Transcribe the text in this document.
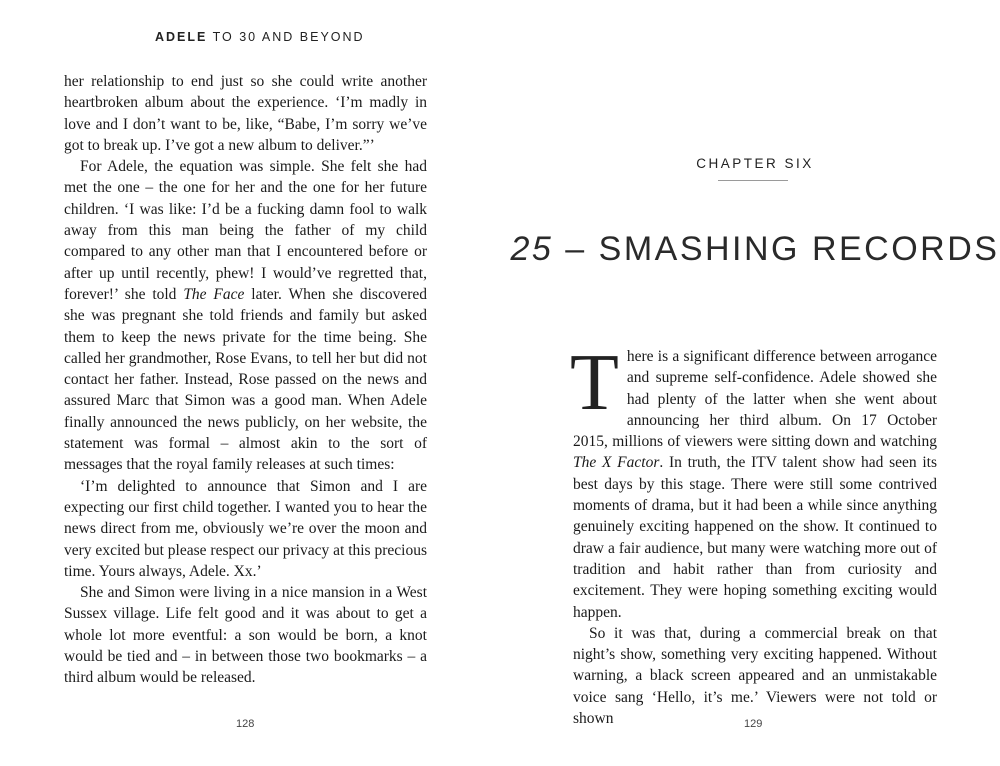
ADELE TO 30 AND BEYOND

her relationship to end just so she could write another heartbroken album about the experience. ‘I’m madly in love and I don’t want to be, like, “Babe, I’m sorry we’ve got to break up. I’ve got a new album to deliver.”’

For Adele, the equation was simple. She felt she had met the one – the one for her and the one for her future children. ‘I was like: I’d be a fucking damn fool to walk away from this man being the father of my child compared to any other man that I encountered before or after up until recently, phew! I would’ve regretted that, forever!’ she told The Face later. When she discovered she was pregnant she told friends and family but asked them to keep the news private for the time being. She called her grandmother, Rose Evans, to tell her but did not contact her father. Instead, Rose passed on the news and assured Marc that Simon was a good man. When Adele finally announced the news publicly, on her website, the statement was formal – almost akin to the sort of messages that the royal family releases at such times:

‘I’m delighted to announce that Simon and I are expecting our first child together. I wanted you to hear the news direct from me, obviously we’re over the moon and very excited but please respect our privacy at this precious time. Yours always, Adele. Xx.’

She and Simon were living in a nice mansion in a West Sussex village. Life felt good and it was about to get a whole lot more eventful: a son would be born, a knot would be tied and – in between those two bookmarks – a third album would be released.

128
CHAPTER SIX
25 – SMASHING RECORDS

There is a significant difference between arrogance and supreme self-confidence. Adele showed she had plenty of the latter when she went about announcing her third album. On 17 October 2015, millions of viewers were sitting down and watching The X Factor. In truth, the ITV talent show had seen its best days by this stage. There were still some contrived moments of drama, but it had been a while since anything genuinely exciting happened on the show. It continued to draw a fair audience, but many were watching more out of tradition and habit rather than from curiosity and excitement. They were hoping something exciting would happen.

So it was that, during a commercial break on that night’s show, something very exciting happened. Without warning, a black screen appeared and an unmistakable voice sang ‘Hello, it’s me.’ Viewers were not told or shown	129
